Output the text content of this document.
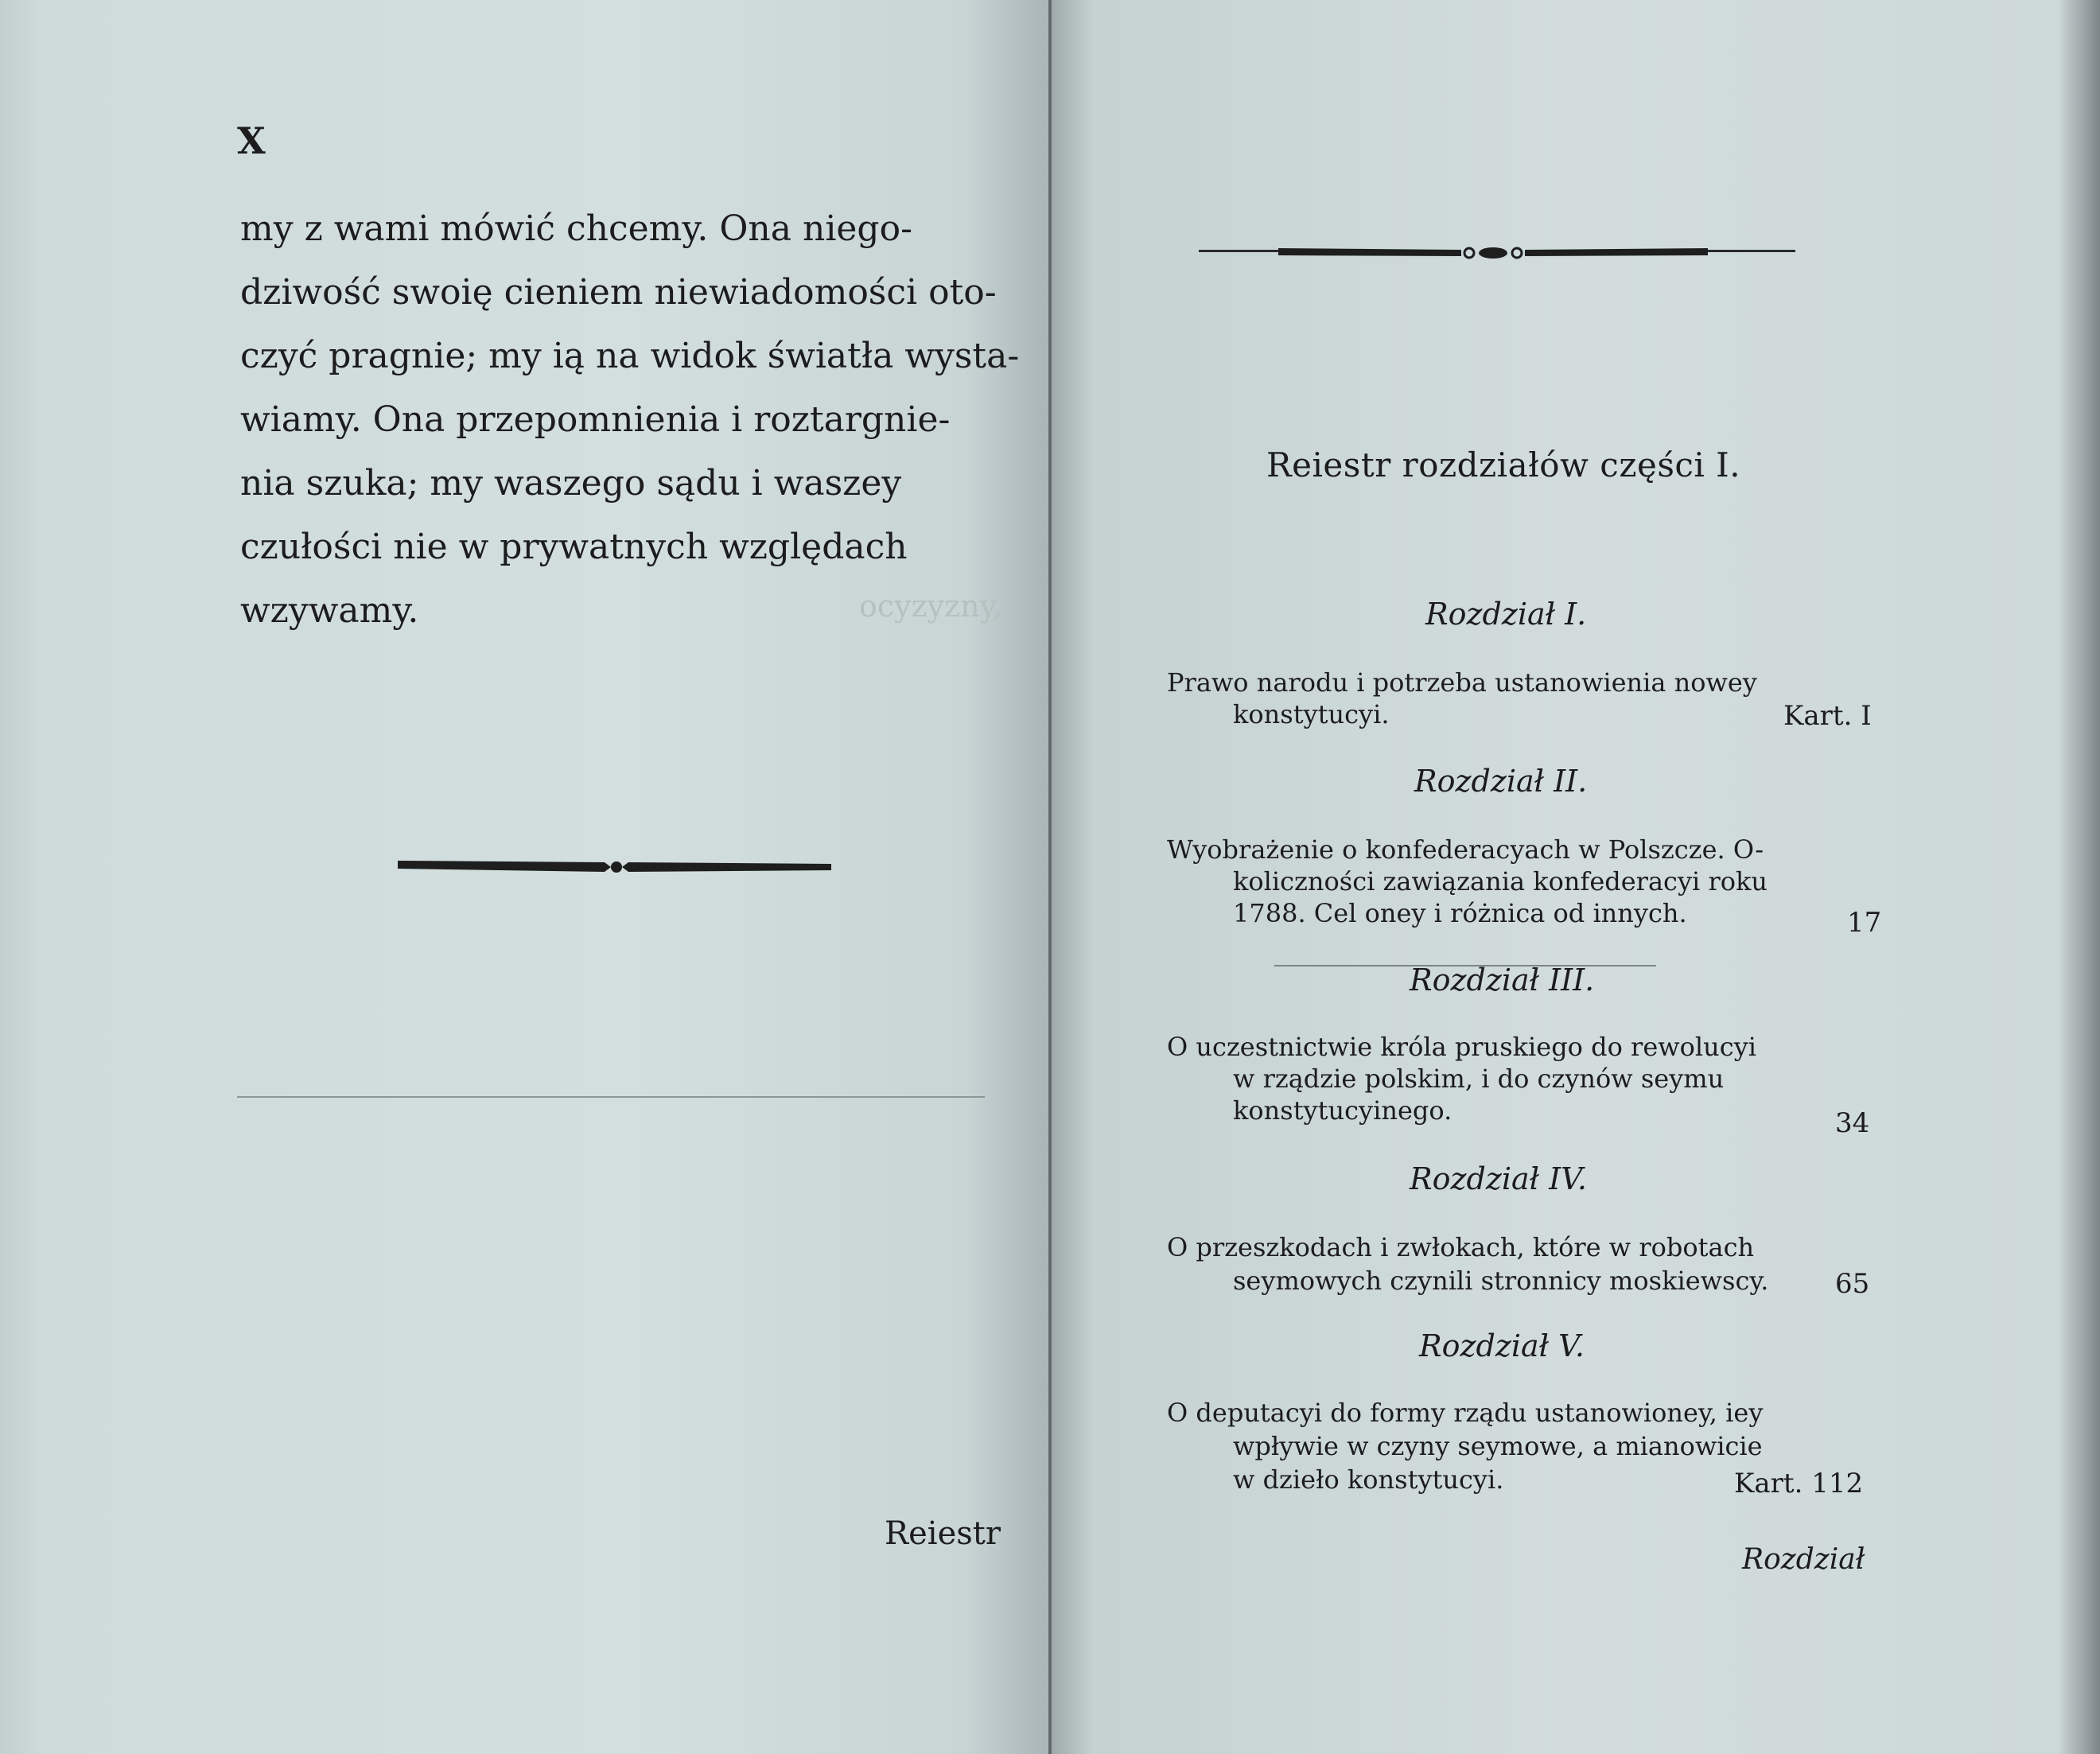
ocyzyzny,
X
my z wami mówić chcemy. Ona niego-
dziwość swoię cieniem niewiadomości oto-
czyć pragnie; my ią na widok światła wysta-
wiamy. Ona przepomnienia i roztargnie-
nia szuka; my waszego sądu i waszey
czułości nie w prywatnych względach
wzywamy.
Reiestr
Reiestr rozdziałów części I.
Rozdział I.
Prawo narodu i potrzeba ustanowienia nowey
konstytucyi.	Kart. I
Rozdział II.
Wyobrażenie o konfederacyach w Polszcze. O-
koliczności zawiązania konfederacyi roku
1788. Cel oney i różnica od innych.	17
Rozdział III.
O uczestnictwie króla pruskiego do rewolucyi
w rządzie polskim, i do czynów seymu
konstytucyinego.	34
Rozdział IV.
O przeszkodach i zwłokach, które w robotach
seymowych czynili stronnicy moskiewscy. 65
Rozdział V.
O deputacyi do formy rządu ustanowioney, iey
wpływie w czyny seymowe, a mianowicie
w dzieło konstytucyi.	Kart. 112
Rozdział
